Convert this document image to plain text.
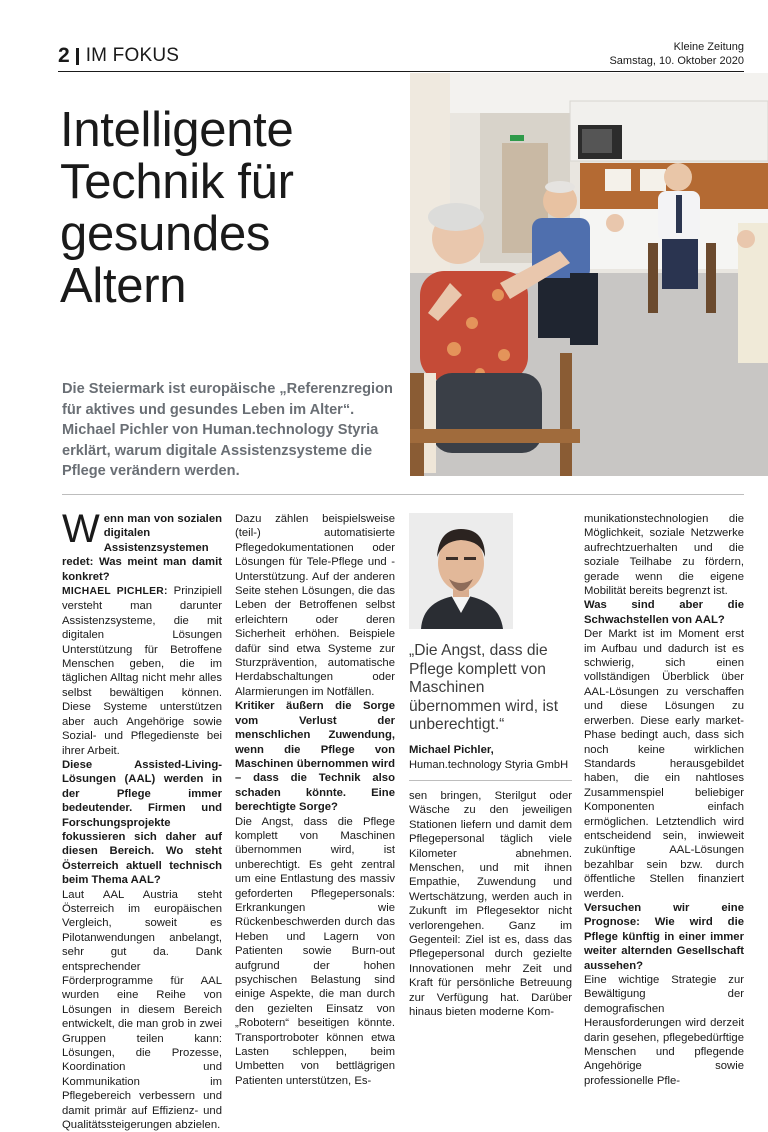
2 IM FOKUS	Kleine Zeitung
Samstag, 10. Oktober 2020
Intelligente Technik für gesundes Altern

Die Steiermark ist europäische „Referenzregion für aktives und gesundes Leben im Alter“. Michael Pichler von Human.technology Styria erklärt, warum digitale Assistenzsysteme die Pflege verändern werden.

Wenn man von sozialen digitalen Assistenzsystemen redet: Was meint man damit konkret?

MICHAEL PICHLER: Prinzipiell versteht man darunter Assistenzsysteme, die mit digitalen Lösungen Unterstützung für Betroffene Menschen geben, die im täglichen Alltag nicht mehr alles selbst bewältigen können. Diese Systeme unterstützen aber auch Angehörige sowie Sozial- und Pflegedienste bei ihrer Arbeit.

Diese Assisted-Living-Lösungen (AAL) werden in der Pflege immer bedeutender. Firmen und Forschungsprojekte fokussieren sich daher auf diesen Bereich. Wo steht Österreich aktuell technisch beim Thema AAL?

Laut AAL Austria steht Österreich im europäischen Vergleich, soweit es Pilotanwendungen anbelangt, sehr gut da. Dank entsprechender Förderprogramme für AAL wurden eine Reihe von Lösungen in diesem Bereich entwickelt, die man grob in zwei Gruppen teilen kann: Lösungen, die Prozesse, Koordination und Kommunikation im Pflegebereich verbessern und damit primär auf Effizienz- und Qualitätssteigerungen abzielen.

Dazu zählen beispielsweise (teil-) automatisierte Pflegedokumentationen oder Lösungen für Tele-Pflege und -Unterstützung. Auf der anderen Seite stehen Lösungen, die das Leben der Betroffenen selbst erleichtern oder deren Sicherheit erhöhen. Beispiele dafür sind etwa Systeme zur Sturzprävention, automatische Herdabschaltungen oder Alarmierungen im Notfällen.

Kritiker äußern die Sorge vom Verlust der menschlichen Zuwendung, wenn die Pflege von Maschinen übernommen wird – dass die Technik also schaden könnte. Eine berechtigte Sorge?

Die Angst, dass die Pflege komplett von Maschinen übernommen wird, ist unberechtigt. Es geht zentral um eine Entlastung des massiv geforderten Pflegepersonals: Erkrankungen wie Rückenbeschwerden durch das Heben und Lagern von Patienten sowie Burn-out aufgrund der hohen psychischen Belastung sind einige Aspekte, die man durch den gezielten Einsatz von „Robotern“ beseitigen könnte. Transportroboter können etwa Lasten schleppen, beim Umbetten von bettlägrigen Patienten unterstützen, Es-

„Die Angst, dass die Pflege komplett von Maschinen übernommen wird, ist unberechtigt.“

Michael Pichler,
Human.technology Styria GmbH

sen bringen, Sterilgut oder Wäsche zu den jeweiligen Stationen liefern und damit dem Pflegepersonal täglich viele Kilometer abnehmen. Menschen, und mit ihnen Empathie, Zuwendung und Wertschätzung, werden auch in Zukunft im Pflegesektor nicht verlorengehen. Ganz im Gegenteil: Ziel ist es, dass das Pflegepersonal durch gezielte Innovationen mehr Zeit und Kraft für persönliche Betreuung zur Verfügung hat. Darüber hinaus bieten moderne Kom-

munikationstechnologien die Möglichkeit, soziale Netzwerke aufrechtzuerhalten und die soziale Teilhabe zu fördern, gerade wenn die eigene Mobilität bereits begrenzt ist.

Was sind aber die Schwachstellen von AAL?

Der Markt ist im Moment erst im Aufbau und dadurch ist es schwierig, sich einen vollständigen Überblick über AAL-Lösungen zu verschaffen und diese Lösungen zu erwerben. Diese early market-Phase bedingt auch, dass sich noch keine wirklichen Standards herausgebildet haben, die ein nahtloses Zusammenspiel beliebiger Komponenten einfach ermöglichen. Letztendlich wird entscheidend sein, inwieweit zukünftige AAL-Lösungen bezahlbar sein bzw. durch öffentliche Stellen finanziert werden.

Versuchen wir eine Prognose: Wie wird die Pflege künftig in einer immer weiter alternden Gesellschaft aussehen?

Eine wichtige Strategie zur Bewältigung der demografischen Herausforderungen wird derzeit darin gesehen, pflegebedürftige Menschen und pflegende Angehörige sowie professionelle Pfle-
